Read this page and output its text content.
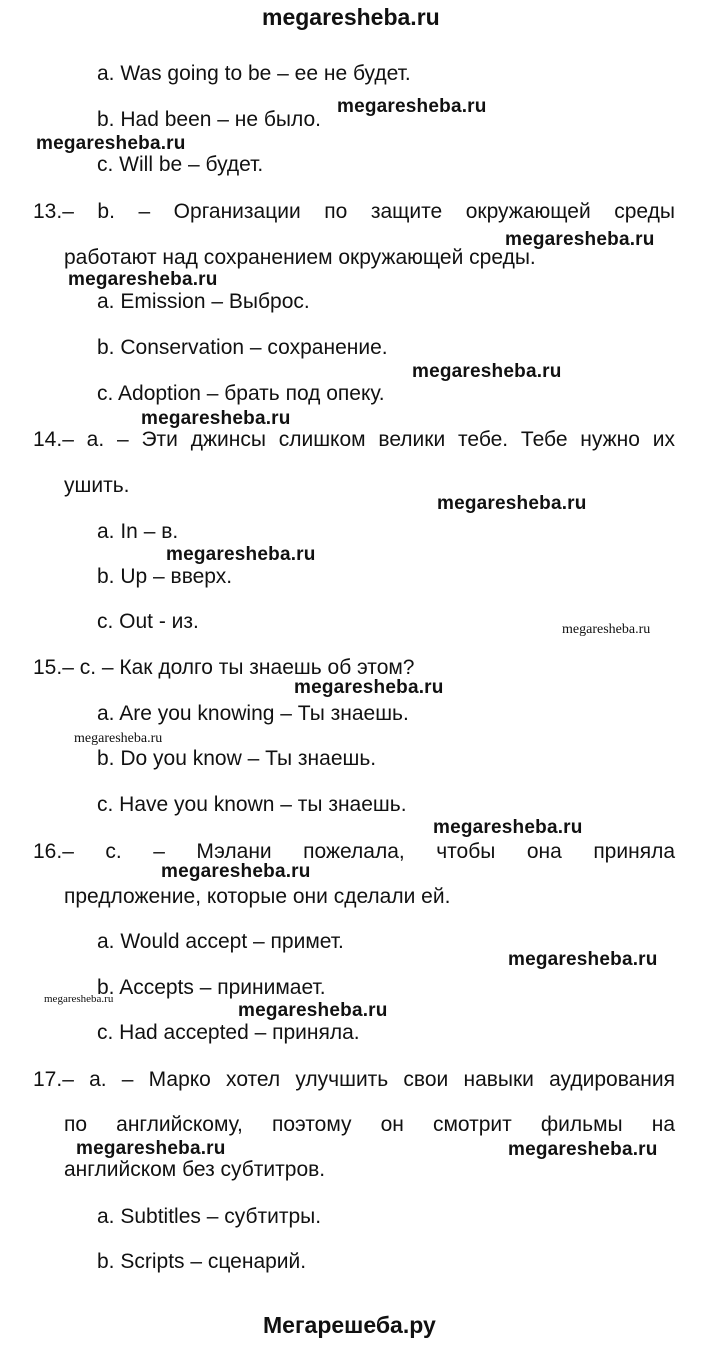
megaresheba.ru
a. Was going to be – ее не будет.
b. Had been – не было.
c. Will be – будет.
13.– b. – Организации по защите окружающей среды
работают над сохранением окружающей среды.
a. Emission – Выброс.
b. Conservation – сохранение.
c. Adoption – брать под опеку.
14.– a. – Эти джинсы слишком велики тебе. Тебе нужно их
ушить.
a. In – в.
b. Up – вверх.
c. Out - из.
15.– c. – Как долго ты знаешь об этом?
a. Are you knowing – Ты знаешь.
b. Do you know – Ты знаешь.
c. Have you known – ты знаешь.
16.– c. – Мэлани пожелала, чтобы она приняла
предложение, которые они сделали ей.
a. Would accept – примет.
b. Accepts – принимает.
c. Had accepted – приняла.
17.– a. – Марко хотел улучшить свои навыки аудирования
по английскому, поэтому он смотрит фильмы на
английском без субтитров.
a. Subtitles – субтитры.
b. Scripts – сценарий.
megaresheba.ru
megaresheba.ru
megaresheba.ru
megaresheba.ru
megaresheba.ru
megaresheba.ru
megaresheba.ru
megaresheba.ru
megaresheba.ru
megaresheba.ru
megaresheba.ru
megaresheba.ru
megaresheba.ru
megaresheba.ru
megaresheba.ru
megaresheba.ru
megaresheba.ru	megaresheba.ru
Мегарешеба.ру
